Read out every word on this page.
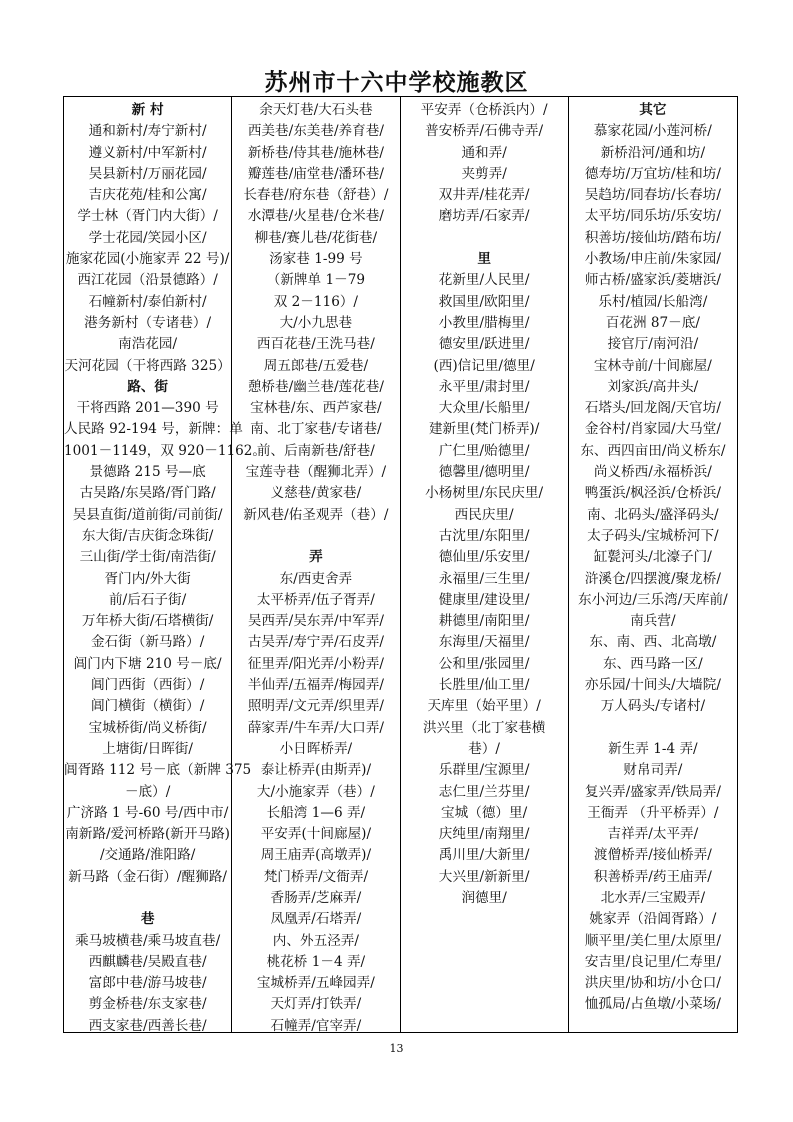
苏州市十六中学校施教区
新 村
通和新村/寿宁新村/
遵义新村/中军新村/
吴县新村/万丽花园/
吉庆花苑/桂和公寓/
学士林（胥门内大街）/
学士花园/笑园小区/
施家花园(小施家弄 22 号)/
西江花园（沿景德路）/
石幢新村/泰伯新村/
港务新村（专诸巷）/
南浩花园/
天河花园（干将西路 325）
路、街
干将西路 201—390 号
人民路 92-194 号，新牌：单
1001－1149，双 920－1162。
景德路 215 号—底
古吴路/东吴路/胥门路/
吴县直街/道前街/司前街/
东大街/吉庆街念珠街/
三山街/学士街/南浩街/
胥门内/外大街
前/后石子街/
万年桥大街/石塔横街/
金石街（新马路）/
阊门内下塘 210 号－底/
阊门西街（西街）/
阊门横街（横街）/
宝城桥街/尚义桥街/
上塘街/日晖街/
阊胥路 112 号－底（新牌 375
－底）/
广济路 1 号-60 号/西中市/
南新路/爱河桥路(新开马路)
/交通路/淮阳路/
新马路（金石街）/醒狮路/
巷
乘马坡横巷/乘马坡直巷/
西麒麟巷/吴殿直巷/
富郎中巷/游马坡巷/
剪金桥巷/东支家巷/
西支家巷/西善长巷/
余天灯巷/大石头巷
西美巷/东美巷/养育巷/
新桥巷/侍其巷/施林巷/
瓣莲巷/庙堂巷/潘环巷/
长春巷/府东巷（舒巷）/
水潭巷/火星巷/仓米巷/
柳巷/赛儿巷/花街巷/
汤家巷 1-99 号
（新牌单 1－79
双 2－116）/
大/小九思巷
西百花巷/王洗马巷/
周五郎巷/五爱巷/
憩桥巷/幽兰巷/莲花巷/
宝林巷/东、西芦家巷/
南、北丁家巷/专诸巷/
前、后南新巷/舒巷/
宝莲寺巷（醒狮北弄）/
义慈巷/黄家巷/
新风巷/佑圣观弄（巷）/
弄
东/西吏舍弄
太平桥弄/伍子胥弄/
吴西弄/吴东弄/中军弄/
古吴弄/寿宁弄/石皮弄/
征里弄/阳光弄/小粉弄/
半仙弄/五福弄/梅园弄/
照明弄/文元弄/织里弄/
薛家弄/牛车弄/大口弄/
小日晖桥弄/
泰让桥弄(由斯弄)/
大/小施家弄（巷）/
长船湾 1—6 弄/
平安弄(十间廊屋)/
周王庙弄(高墩弄)/
梵门桥弄/文衙弄/
香肠弄/芝麻弄/
凤凰弄/石塔弄/
内、外五泾弄/
桃花桥 1－4 弄/
宝城桥弄/五峰园弄/
天灯弄/打铁弄/
石幢弄/官宰弄/
平安弄（仓桥浜内）/
普安桥弄/石佛寺弄/
通和弄/
夹剪弄/
双井弄/桂花弄/
磨坊弄/石家弄/
里
花新里/人民里/
救国里/欧阳里/
小教里/腊梅里/
德安里/跃进里/
(西)信记里/德里/
永平里/肃封里/
大众里/长船里/
建新里(梵门桥弄)/
广仁里/贻德里/
德馨里/德明里/
小杨树里/东民庆里/
西民庆里/
古沈里/东阳里/
德仙里/乐安里/
永福里/三生里/
健康里/建设里/
耕德里/南阳里/
东海里/天福里/
公和里/张园里/
长胜里/仙工里/
天库里（始平里）/
洪兴里（北丁家巷横
巷）/
乐群里/宝源里/
志仁里/兰芬里/
宝城（德）里/
庆纯里/南翔里/
禹川里/大新里/
大兴里/新新里/
润德里/
其它
慕家花园/小莲河桥/
新桥沿河/通和坊/
德寿坊/万宜坊/桂和坊/
吴趋坊/同春坊/长春坊/
太平坊/同乐坊/乐安坊/
积善坊/接仙坊/踏布坊/
小教场/申庄前/朱家园/
师古桥/盛家浜/菱塘浜/
乐村/植园/长船湾/
百花洲 87－底/
接官厅/南河沿/
宝林寺前/十间廊屋/
刘家浜/高井头/
石塔头/回龙阁/天官坊/
金谷村/肖家园/大马堂/
东、西四亩田/尚义桥东/
尚义桥西/永福桥浜/
鸭蛋浜/枫泾浜/仓桥浜/
南、北码头/盛泽码头/
太子码头/宝城桥河下/
缸甏河头/北濠子门/
浒溪仓/四摆渡/聚龙桥/
东小河边/三乐湾/天库前/
南兵营/
东、南、西、北高墩/
东、西马路一区/
亦乐园/十间头/大墙院/
万人码头/专诸村/
新生弄 1-4 弄/
财帛司弄/
复兴弄/盛家弄/铁局弄/
王衙弄 （升平桥弄）/
吉祥弄/太平弄/
渡僧桥弄/接仙桥弄/
积善桥弄/药王庙弄/
北水弄/三宝殿弄/
姚家弄（沿阊胥路）/
顺平里/美仁里/太原里/
安吉里/良记里/仁寿里/
洪庆里/协和坊/小仓口/
恤孤局/占鱼墩/小菜场/
13
